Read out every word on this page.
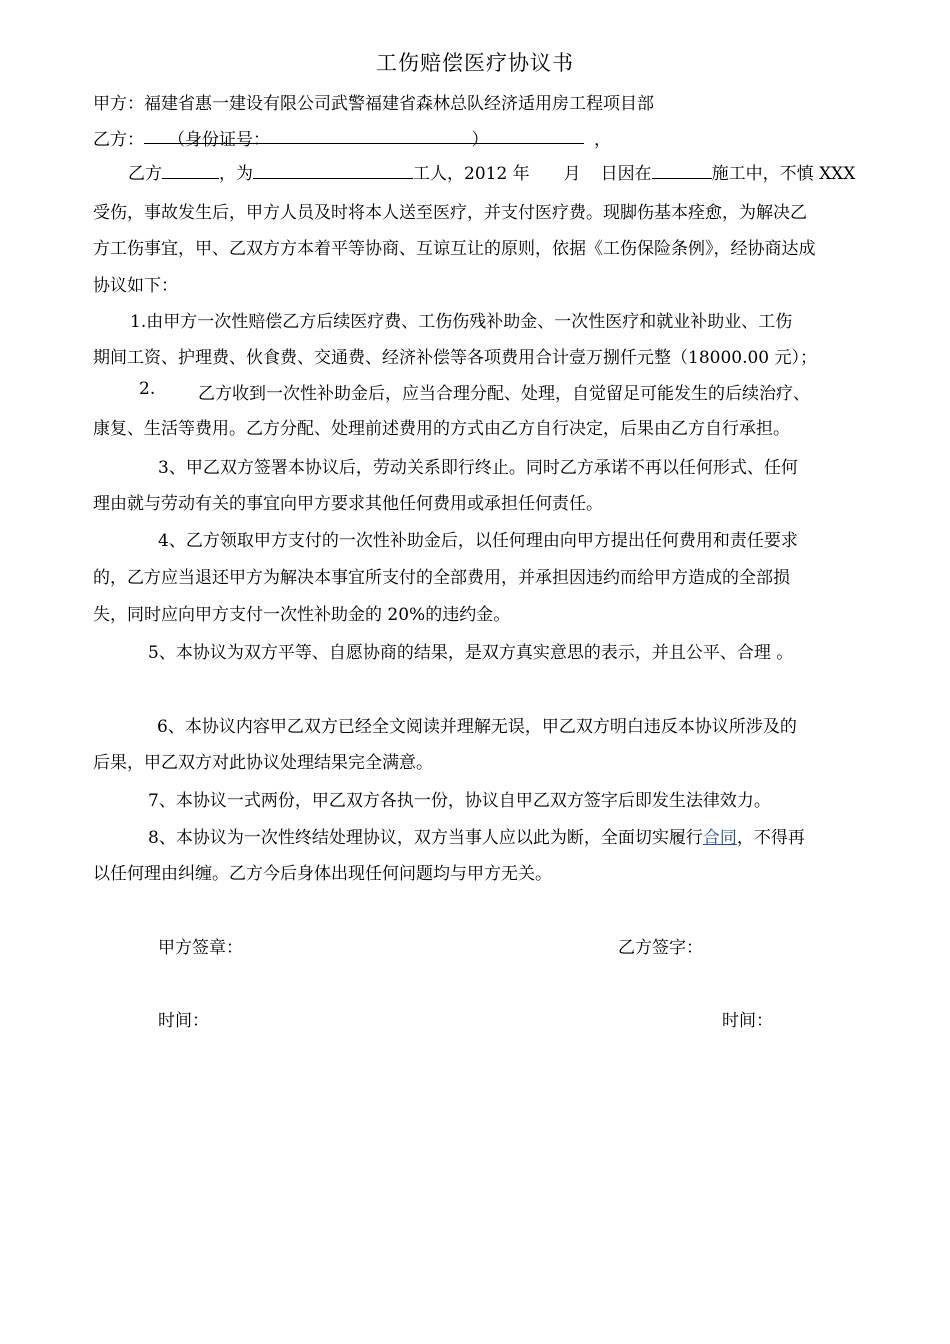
工伤赔偿医疗协议书
甲方：福建省惠一建设有限公司武警福建省森林总队经济适用房工程项目部
乙方： （身份证号：	）	，
乙方	，为	工人，2012 年 月 日因在	施工中，不慎 XXX
受伤，事故发生后，甲方人员及时将本人送至医疗，并支付医疗费。现脚伤基本痊愈，为解决乙
方工伤事宜，甲、乙双方方本着平等协商、互谅互让的原则，依据《工伤保险条例》，经协商达成
协议如下：
1.由甲方一次性赔偿乙方后续医疗费、工伤伤残补助金、一次性医疗和就业补助业、工伤
期间工资、护理费、伙食费、交通费、经济补偿等各项费用合计壹万捌仟元整（18000.00 元）；
2.	乙方收到一次性补助金后，应当合理分配、处理，自觉留足可能发生的后续治疗、
康复、生活等费用。乙方分配、处理前述费用的方式由乙方自行决定，后果由乙方自行承担。
3、甲乙双方签署本协议后，劳动关系即行终止。同时乙方承诺不再以任何形式、任何
理由就与劳动有关的事宜向甲方要求其他任何费用或承担任何责任。
4、乙方领取甲方支付的一次性补助金后，以任何理由向甲方提出任何费用和责任要求
的，乙方应当退还甲方为解决本事宜所支付的全部费用，并承担因违约而给甲方造成的全部损
失，同时应向甲方支付一次性补助金的 20%的违约金。
5、本协议为双方平等、自愿协商的结果，是双方真实意思的表示，并且公平、合理 。
6、本协议内容甲乙双方已经全文阅读并理解无误，甲乙双方明白违反本协议所涉及的
后果，甲乙双方对此协议处理结果完全满意。
7、本协议一式两份，甲乙双方各执一份，协议自甲乙双方签字后即发生法律效力。
8、本协议为一次性终结处理协议，双方当事人应以此为断，全面切实履行合同，不得再
以任何理由纠缠。乙方今后身体出现任何问题均与甲方无关。
甲方签章：	乙方签字：
时间：	时间：
